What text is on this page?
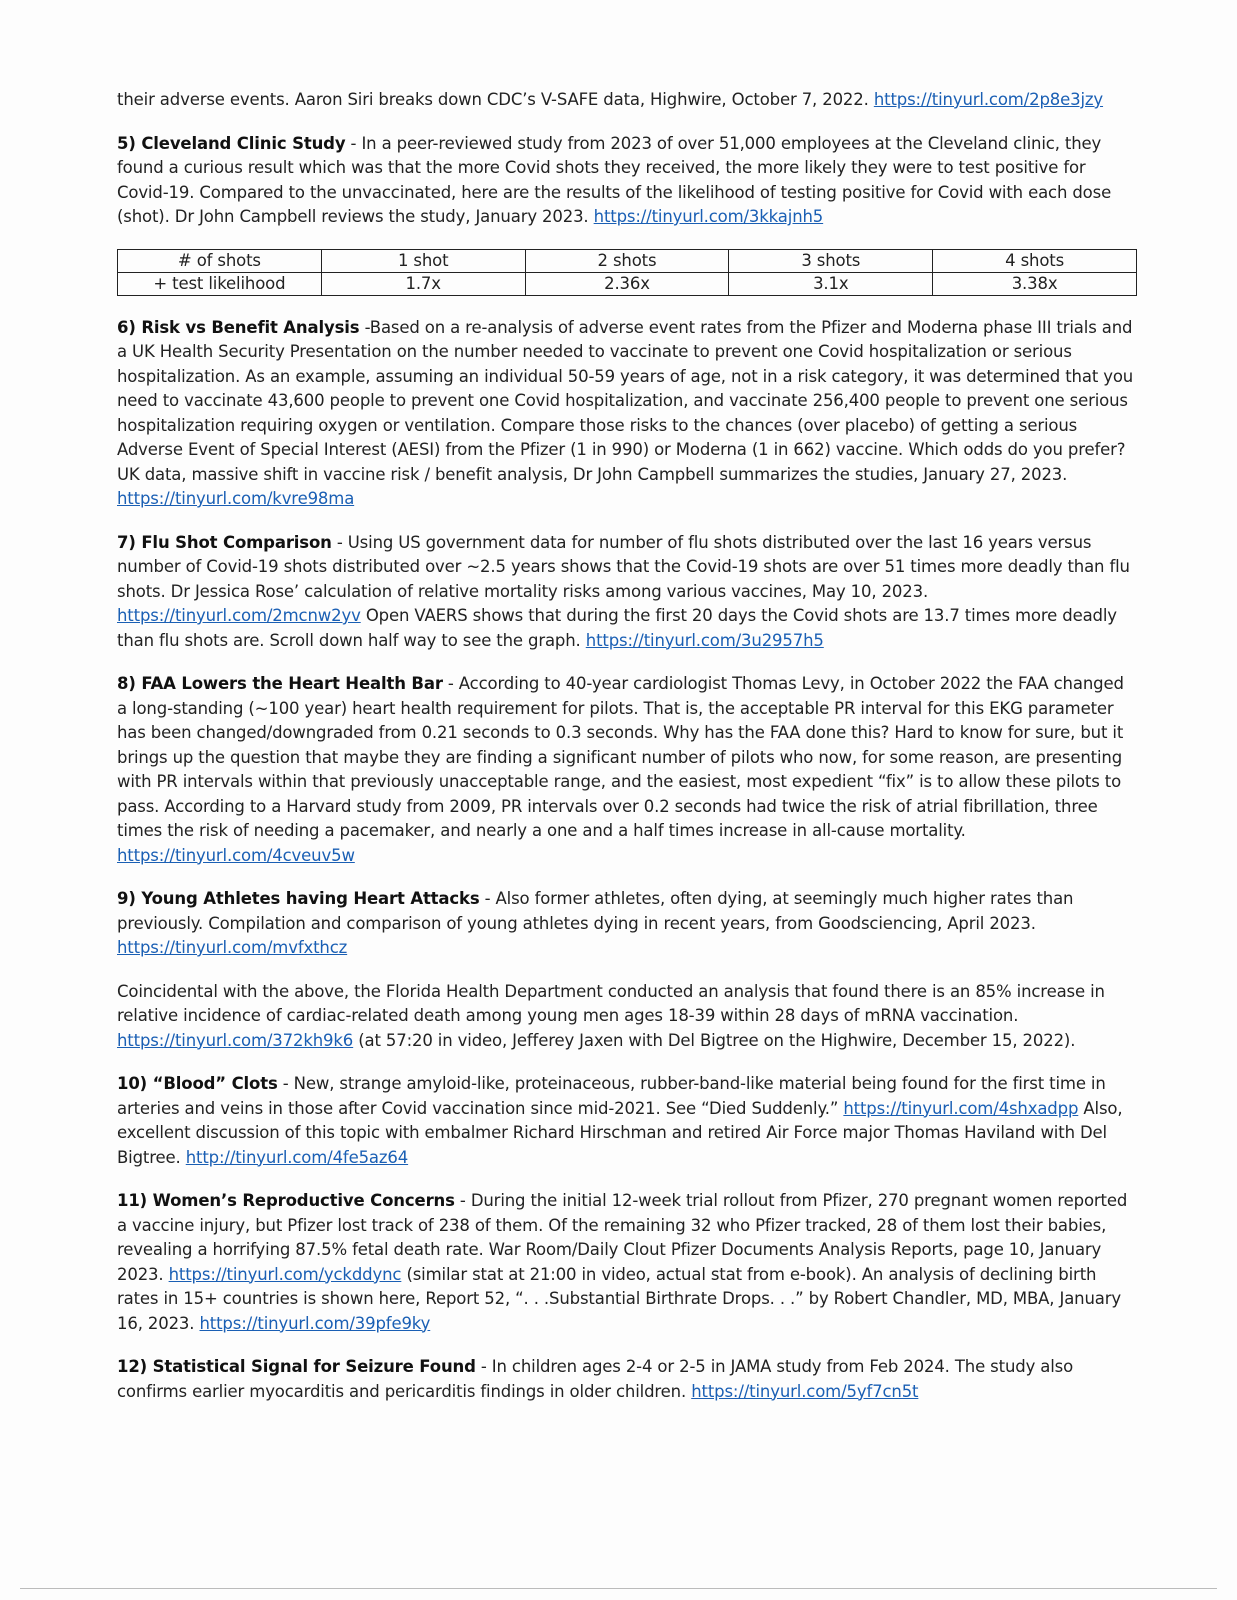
their adverse events. Aaron Siri breaks down CDC’s V-SAFE data, Highwire, October 7, 2022. https://tinyurl.com/2p8e3jzy

5) Cleveland Clinic Study - In a peer-reviewed study from 2023 of over 51,000 employees at the Cleveland clinic, they found a curious result which was that the more Covid shots they received, the more likely they were to test positive for Covid-19. Compared to the unvaccinated, here are the results of the likelihood of testing positive for Covid with each dose (shot). Dr John Campbell reviews the study, January 2023. https://tinyurl.com/3kkajnh5

# of shots	1 shot	2 shots	3 shots	4 shots
+ test likelihood	1.7x	2.36x	3.1x	3.38x

6) Risk vs Benefit Analysis -Based on a re-analysis of adverse event rates from the Pfizer and Moderna phase III trials and a UK Health Security Presentation on the number needed to vaccinate to prevent one Covid hospitalization or serious hospitalization. As an example, assuming an individual 50-59 years of age, not in a risk category, it was determined that you need to vaccinate 43,600 people to prevent one Covid hospitalization, and vaccinate 256,400 people to prevent one serious hospitalization requiring oxygen or ventilation. Compare those risks to the chances (over placebo) of getting a serious Adverse Event of Special Interest (AESI) from the Pfizer (1 in 990) or Moderna (1 in 662) vaccine. Which odds do you prefer? UK data, massive shift in vaccine risk / benefit analysis, Dr John Campbell summarizes the studies, January 27, 2023. https://tinyurl.com/kvre98ma

7) Flu Shot Comparison - Using US government data for number of flu shots distributed over the last 16 years versus number of Covid-19 shots distributed over ~2.5 years shows that the Covid-19 shots are over 51 times more deadly than flu shots. Dr Jessica Rose’ calculation of relative mortality risks among various vaccines, May 10, 2023. https://tinyurl.com/2mcnw2yv Open VAERS shows that during the first 20 days the Covid shots are 13.7 times more deadly than flu shots are. Scroll down half way to see the graph. https://tinyurl.com/3u2957h5

8) FAA Lowers the Heart Health Bar - According to 40-year cardiologist Thomas Levy, in October 2022 the FAA changed a long-standing (~100 year) heart health requirement for pilots. That is, the acceptable PR interval for this EKG parameter has been changed/downgraded from 0.21 seconds to 0.3 seconds. Why has the FAA done this? Hard to know for sure, but it brings up the question that maybe they are finding a significant number of pilots who now, for some reason, are presenting with PR intervals within that previously unacceptable range, and the easiest, most expedient “fix” is to allow these pilots to pass. According to a Harvard study from 2009, PR intervals over 0.2 seconds had twice the risk of atrial fibrillation, three times the risk of needing a pacemaker, and nearly a one and a half times increase in all-cause mortality. https://tinyurl.com/4cveuv5w

9) Young Athletes having Heart Attacks - Also former athletes, often dying, at seemingly much higher rates than previously. Compilation and comparison of young athletes dying in recent years, from Goodsciencing, April 2023. https://tinyurl.com/mvfxthcz

Coincidental with the above, the Florida Health Department conducted an analysis that found there is an 85% increase in relative incidence of cardiac-related death among young men ages 18-39 within 28 days of mRNA vaccination. https://tinyurl.com/372kh9k6 (at 57:20 in video, Jefferey Jaxen with Del Bigtree on the Highwire, December 15, 2022).

10) “Blood” Clots - New, strange amyloid-like, proteinaceous, rubber-band-like material being found for the first time in arteries and veins in those after Covid vaccination since mid-2021. See “Died Suddenly.” https://tinyurl.com/4shxadpp Also, excellent discussion of this topic with embalmer Richard Hirschman and retired Air Force major Thomas Haviland with Del Bigtree. http://tinyurl.com/4fe5az64

11) Women’s Reproductive Concerns - During the initial 12-week trial rollout from Pfizer, 270 pregnant women reported a vaccine injury, but Pfizer lost track of 238 of them. Of the remaining 32 who Pfizer tracked, 28 of them lost their babies, revealing a horrifying 87.5% fetal death rate. War Room/Daily Clout Pfizer Documents Analysis Reports, page 10, January 2023. https://tinyurl.com/yckddync (similar stat at 21:00 in video, actual stat from e-book). An analysis of declining birth rates in 15+ countries is shown here, Report 52, “. . .Substantial Birthrate Drops. . .” by Robert Chandler, MD, MBA, January 16, 2023. https://tinyurl.com/39pfe9ky

12) Statistical Signal for Seizure Found - In children ages 2-4 or 2-5 in JAMA study from Feb 2024. The study also confirms earlier myocarditis and pericarditis findings in older children. https://tinyurl.com/5yf7cn5t
